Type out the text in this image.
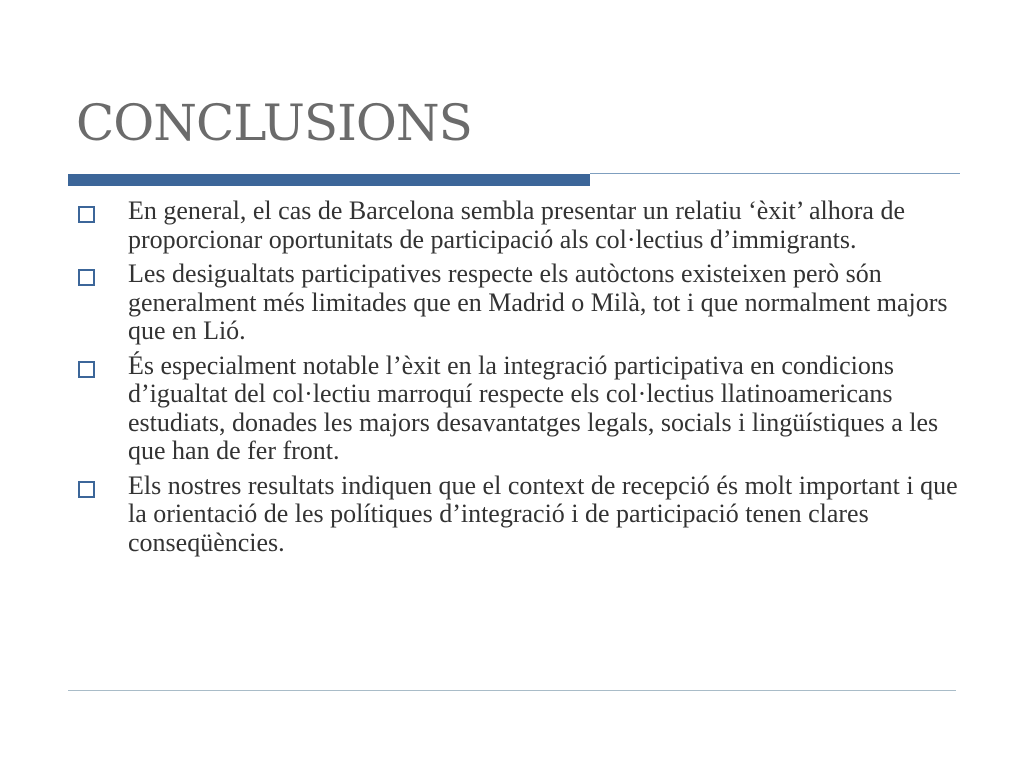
CONCLUSIONS
En general, el cas de Barcelona sembla presentar un relatiu ‘èxit’ alhora de proporcionar oportunitats de participació als col·lectius d’immigrants.
Les desigualtats participatives respecte els autòctons existeixen però són generalment més limitades que en Madrid o Milà, tot i que normalment majors que en Lió.
És especialment notable l’èxit en la integració participativa en condicions d’igualtat del col·lectiu marroquí respecte els col·lectius llatinoamericans estudiats, donades les majors desavantatges legals, socials i lingüístiques a les que han de fer front.
Els nostres resultats indiquen que el context de recepció és molt important i que la orientació de les polítiques d’integració i de participació tenen clares conseqüències.
